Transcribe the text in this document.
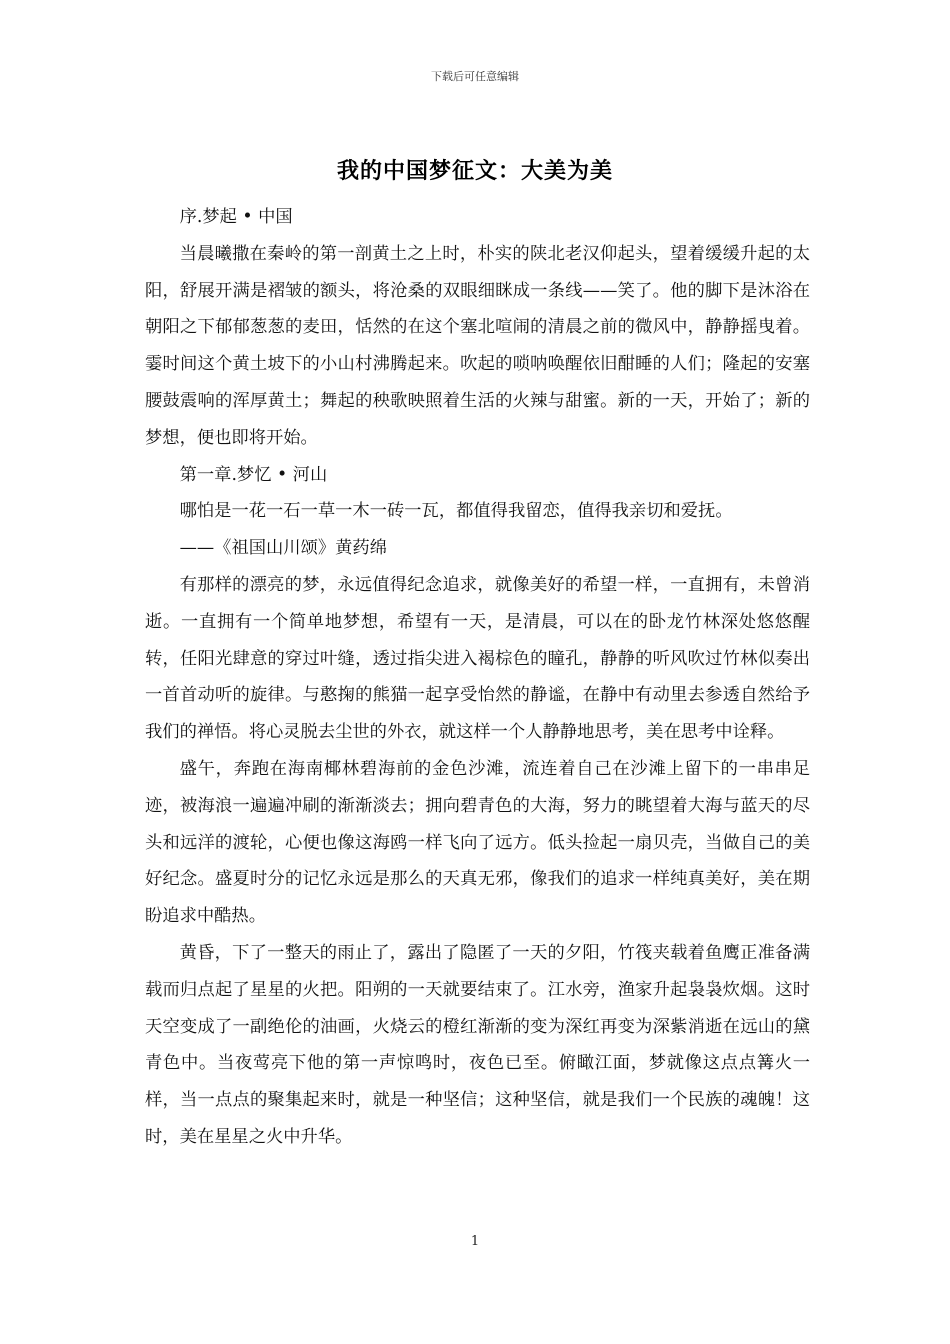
下载后可任意编辑
我的中国梦征文：大美为美

序.梦起 • 中国

当晨曦撒在秦岭的第一剖黄土之上时，朴实的陕北老汉仰起头，望着缓缓升起的太阳，舒展开满是褶皱的额头，将沧桑的双眼细眯成一条线——笑了。他的脚下是沐浴在朝阳之下郁郁葱葱的麦田，恬然的在这个塞北喧闹的清晨之前的微风中，静静摇曳着。霎时间这个黄土坡下的小山村沸腾起来。吹起的唢呐唤醒依旧酣睡的人们；隆起的安塞腰鼓震响的浑厚黄土；舞起的秧歌映照着生活的火辣与甜蜜。新的一天，开始了；新的梦想，便也即将开始。

第一章.梦忆 • 河山

哪怕是一花一石一草一木一砖一瓦，都值得我留恋，值得我亲切和爱抚。

——《祖国山川颂》黄药绵

有那样的漂亮的梦，永远值得纪念追求，就像美好的希望一样，一直拥有，未曾消逝。一直拥有一个简单地梦想，希望有一天，是清晨，可以在的卧龙竹林深处悠悠醒转，任阳光肆意的穿过叶缝，透过指尖进入褐棕色的瞳孔，静静的听风吹过竹林似奏出一首首动听的旋律。与憨掬的熊猫一起享受怡然的静谧，在静中有动里去参透自然给予我们的禅悟。将心灵脱去尘世的外衣，就这样一个人静静地思考，美在思考中诠释。

盛午，奔跑在海南椰林碧海前的金色沙滩，流连着自己在沙滩上留下的一串串足迹，被海浪一遍遍冲刷的渐渐淡去；拥向碧青色的大海，努力的眺望着大海与蓝天的尽头和远洋的渡轮，心便也像这海鸥一样飞向了远方。低头捡起一扇贝壳，当做自己的美好纪念。盛夏时分的记忆永远是那么的天真无邪，像我们的追求一样纯真美好，美在期盼追求中酷热。

黄昏，下了一整天的雨止了，露出了隐匿了一天的夕阳，竹筏夹载着鱼鹰正准备满载而归点起了星星的火把。阳朔的一天就要结束了。江水旁，渔家升起袅袅炊烟。这时天空变成了一副绝伦的油画，火烧云的橙红渐渐的变为深红再变为深紫消逝在远山的黛青色中。当夜莺亮下他的第一声惊鸣时，夜色已至。俯瞰江面，梦就像这点点篝火一样，当一点点的聚集起来时，就是一种坚信；这种坚信，就是我们一个民族的魂魄！这时，美在星星之火中升华。

1
